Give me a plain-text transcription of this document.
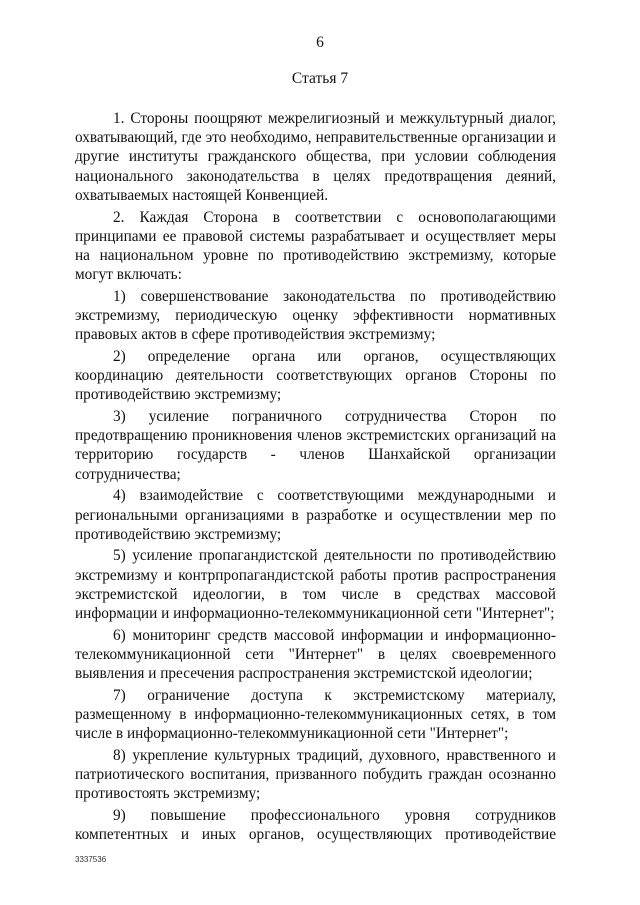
6
Статья 7

1. Стороны поощряют межрелигиозный и межкультурный диалог, охватывающий, где это необходимо, неправительственные организации и другие институты гражданского общества, при условии соблюдения национального законодательства в целях предотвращения деяний, охватываемых настоящей Конвенцией.

2. Каждая Сторона в соответствии с основополагающими принципами ее правовой системы разрабатывает и осуществляет меры на национальном уровне по противодействию экстремизму, которые могут включать:

1) совершенствование законодательства по противодействию экстремизму, периодическую оценку эффективности нормативных правовых актов в сфере противодействия экстремизму;

2) определение органа или органов, осуществляющих координацию деятельности соответствующих органов Стороны по противодействию экстремизму;

3) усиление пограничного сотрудничества Сторон по предотвращению проникновения членов экстремистских организаций на территорию государств - членов Шанхайской организации сотрудничества;

4) взаимодействие с соответствующими международными и региональными организациями в разработке и осуществлении мер по противодействию экстремизму;

5) усиление пропагандистской деятельности по противодействию экстремизму и контрпропагандистской работы против распространения экстремистской идеологии, в том числе в средствах массовой информации и информационно-телекоммуникационной сети "Интернет";

6) мониторинг средств массовой информации и информационно-телекоммуникационной сети "Интернет" в целях своевременного выявления и пресечения распространения экстремистской идеологии;

7) ограничение доступа к экстремистскому материалу, размещенному в информационно-телекоммуникационных сетях, в том числе в информационно-телекоммуникационной сети "Интернет";

8) укрепление культурных традиций, духовного, нравственного и патриотического воспитания, призванного побудить граждан осознанно противостоять экстремизму;

9) повышение профессионального уровня сотрудников компетентных и иных органов, осуществляющих противодействие

3337536
